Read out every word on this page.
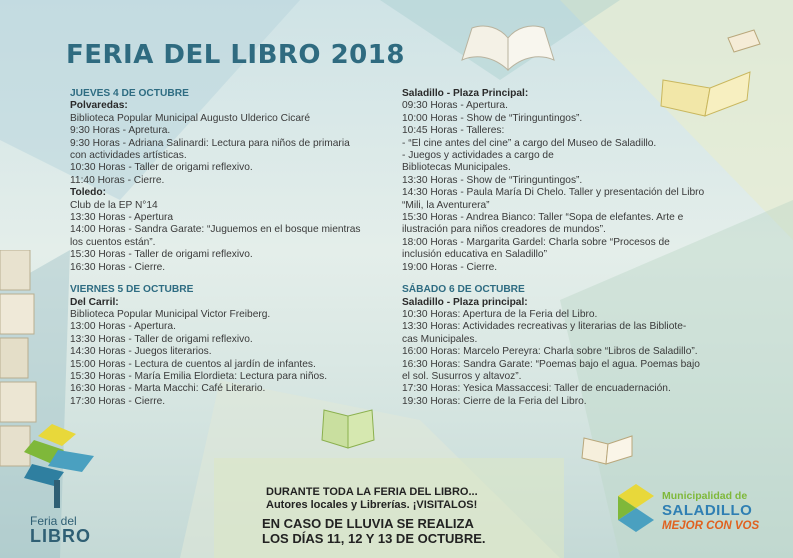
FERIA DEL LIBRO 2018
JUEVES 4 DE OCTUBRE
Polvaredas:
Biblioteca Popular Municipal Augusto Ulderico Cicaré
9:30 Horas - Apretura.
9:30 Horas - Adriana Salinardi: Lectura para niños de primaria
con actividades artísticas.
10:30 Horas - Taller de origami reflexivo.
11:40 Horas - Cierre.
Toledo:
Club de la EP N°14
13:30 Horas - Apertura
14:00 Horas - Sandra Garate: “Juguemos en el bosque mientras
los cuentos están”.
15:30 Horas - Taller de origami reflexivo.
16:30 Horas - Cierre.
VIERNES 5 DE OCTUBRE
Del Carril:
Biblioteca Popular Municipal Victor Freiberg.
13:00 Horas - Apertura.
13:30 Horas - Taller de origami reflexivo.
14:30 Horas - Juegos literarios.
15:00 Horas - Lectura de cuentos al jardín de infantes.
15:30 Horas - María Emilia Elordieta: Lectura para niños.
16:30 Horas - Marta Macchi: Café Literario.
17:30 Horas - Cierre.
Saladillo - Plaza Principal:
09:30 Horas - Apertura.
10:00 Horas - Show de “Tiringuntingos”.
10:45 Horas - Talleres:
- “El cine antes del cine” a cargo del Museo de Saladillo.
- Juegos y actividades a cargo de
Bibliotecas Municipales.
13:30 Horas - Show de “Tiringuntingos”.
14:30 Horas - Paula María Di Chelo. Taller y presentación del Libro
“Mili, la Aventurera”
15:30 Horas - Andrea Bianco: Taller “Sopa de elefantes. Arte e
ilustración para niños creadores de mundos”.
18:00 Horas - Margarita Gardel: Charla sobre “Procesos de
inclusión educativa en Saladillo”
19:00 Horas - Cierre.
SÁBADO 6 DE OCTUBRE
Saladillo - Plaza principal:
10:30 Horas: Apertura de la Feria del Libro.
13:30 Horas: Actividades recreativas y literarias de las Bibliote-
cas Municipales.
16:00 Horas: Marcelo Pereyra: Charla sobre “Libros de Saladillo”.
16:30 Horas: Sandra Garate: “Poemas bajo el agua. Poemas bajo
el sol. Susurros y altavoz”.
17:30 Horas: Yesica Massaccesi: Taller de encuadernación.
19:30 Horas: Cierre de la Feria del Libro.
DURANTE TODA LA FERIA DEL LIBRO...
Autores locales y Librerías. ¡VISITALOS!
EN CASO DE LLUVIA SE REALIZA
LOS DÍAS 11, 12 Y 13 DE OCTUBRE.
Feria del
LIBRO
Municipalidad de
SALADILLO
MEJOR CON VOS
